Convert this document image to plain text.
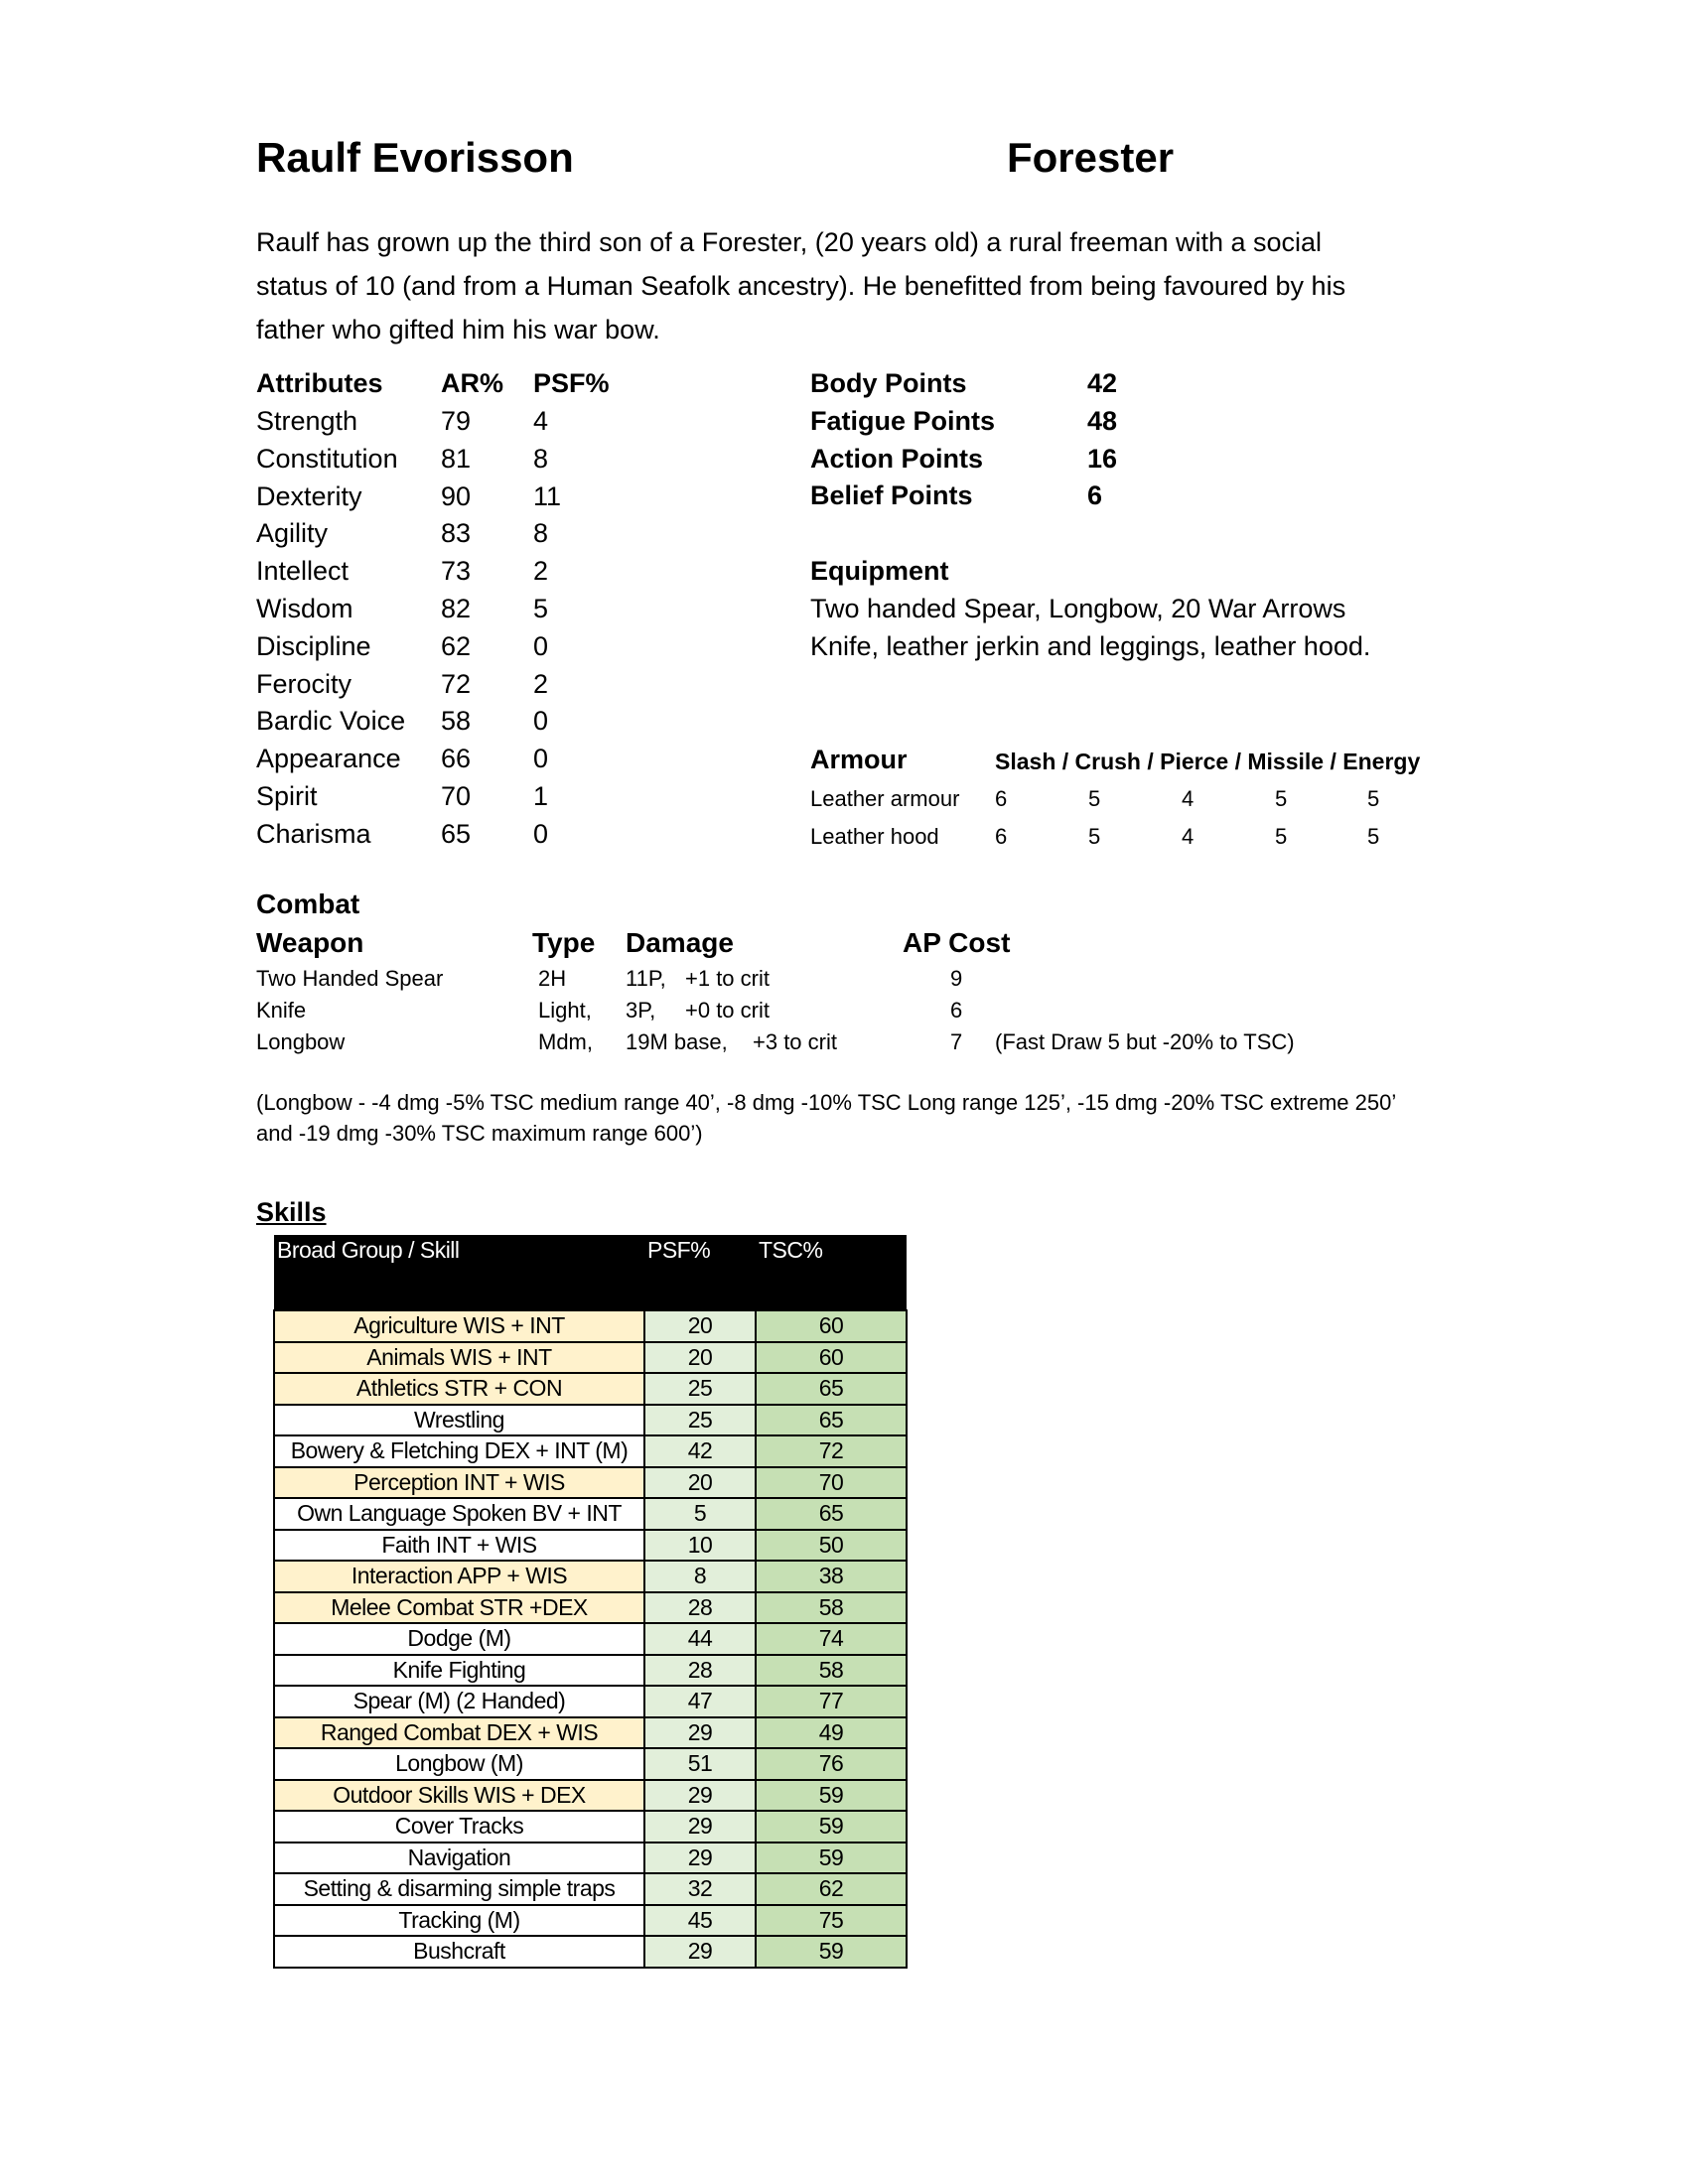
Raulf Evorisson	Forester
Raulf has grown up the third son of a Forester, (20 years old) a rural freeman with a social
status of 10 (and from a Human Seafolk ancestry). He benefitted from being favoured by his
father who gifted him his war bow.
Attributes AR% PSF%
Strength	79 4
Constitution 81 8
Dexterity	90 11
Agility	83 8
Intellect	73 2
Wisdom	82 5
Discipline	62 0
Ferocity	72 2
Bardic Voice 58 0
Appearance 66 0
Spirit	70 1
Charisma	65 0
Body Points	42
Fatigue Points	48
Action Points	16
Belief Points	6
Equipment
Two handed Spear, Longbow, 20 War Arrows
Knife, leather jerkin and leggings, leather hood.
Armour	Slash / Crush / Pierce / Missile / Energy
Leather armour 6	5	4	5	5
Leather hood	6	5	4	5	5
Combat
Weapon	Type Damage	AP Cost
Two Handed Spear	2H	11P, +1 to crit	9
Knife	Light, 3P, +0 to crit	6
Longbow	Mdm, 19M base, +3 to crit	7 (Fast Draw 5 but -20% to TSC)
(Longbow - -4 dmg -5% TSC medium range 40’, -8 dmg -10% TSC Long range 125’, -15 dmg -20% TSC extreme 250’
and -19 dmg -30% TSC maximum range 600’)
Skills
Broad Group / Skill	PSF%	TSC%
Agriculture WIS + INT	20	60
Animals WIS + INT	20	60
Athletics STR + CON	25	65
Wrestling	25	65
Bowery & Fletching DEX + INT (M)	42	72
Perception INT + WIS	20	70
Own Language Spoken BV + INT	5	65
Faith INT + WIS	10	50
Interaction APP + WIS	8	38
Melee Combat STR +DEX	28	58
Dodge (M)	44	74
Knife Fighting	28	58
Spear (M) (2 Handed)	47	77
Ranged Combat DEX + WIS	29	49
Longbow (M)	51	76
Outdoor Skills WIS + DEX	29	59
Cover Tracks	29	59
Navigation	29	59
Setting & disarming simple traps	32	62
Tracking (M)	45	75
Bushcraft	29	59
